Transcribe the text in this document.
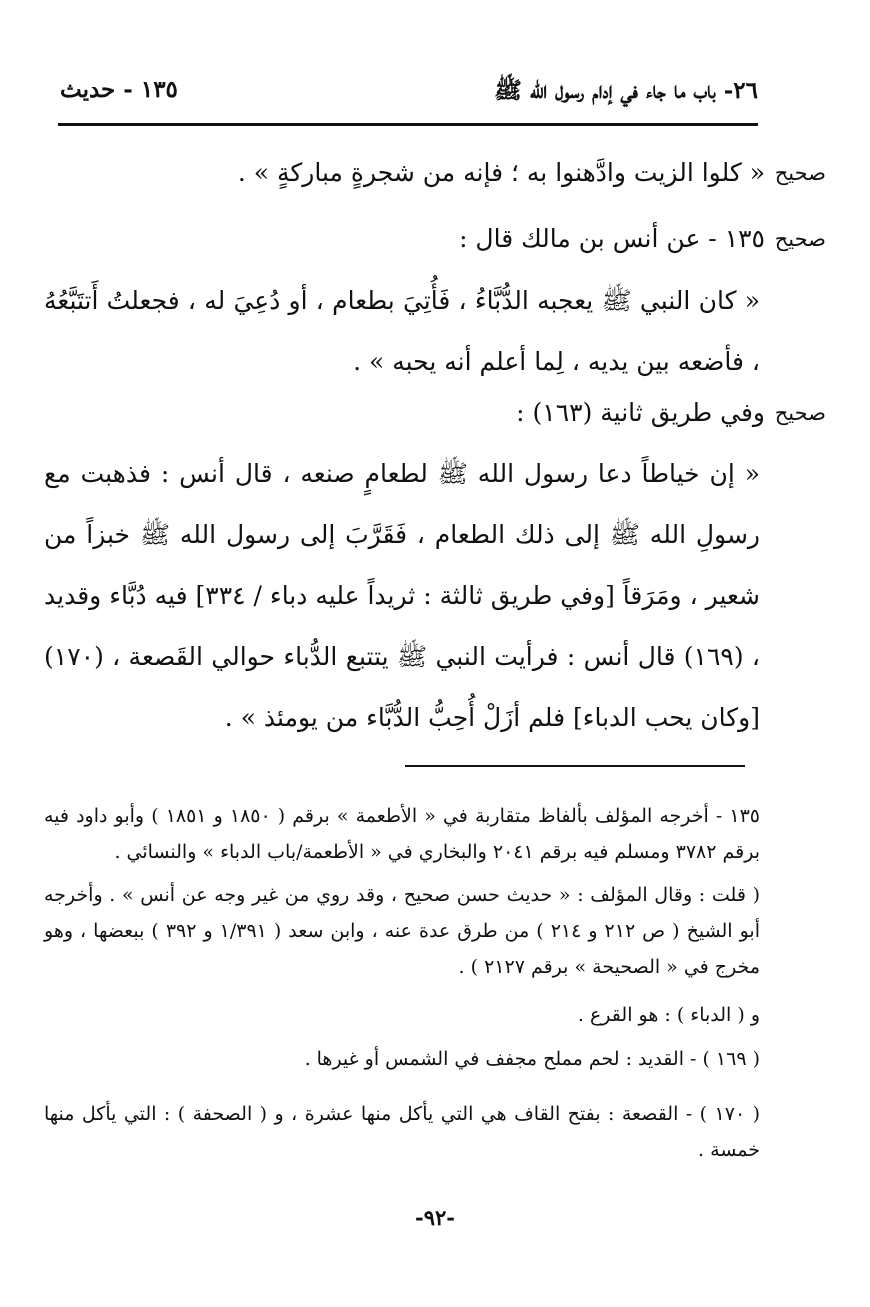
٢٦- باب ما جاء في إدام رسول الله ﷺ
١٣٥ - حديث
صحيح
« كلوا الزيت وادَّهنوا به ؛ فإنه من شجرةٍ مباركةٍ » .
صحيح
١٣٥ - عن أنس بن مالك قال :
« كان النبي ﷺ يعجبه الدُّبَّاءُ ، فَأُتِيَ بطعام ، أو دُعِيَ له ، فجعلتُ أَتتَبَّعُهُ ، فأضعه بين يديه ، لِما أعلم أنه يحبه » .
صحيح
وفي طريق ثانية (١٦٣) :
« إن خياطاً دعا رسول الله ﷺ لطعامٍ صنعه ، قال أنس : فذهبت مع رسولِ الله ﷺ إلى ذلك الطعام ، فَقَرَّبَ إلى رسول الله ﷺ خبزاً من شعير ، ومَرَقاً [وفي طريق ثالثة : ثريداً عليه دباء / ٣٣٤] فيه دُبَّاء وقديد ، (١٦٩) قال أنس : فرأيت النبي ﷺ يتتبع الدُّباء حوالي القَصعة ، (١٧٠) [وكان يحب الدباء] فلم أزَلْ أُحِبُّ الدُّبَّاء من يومئذ » .
١٣٥ - أخرجه المؤلف بألفاظ متقاربة في « الأطعمة » برقم ( ١٨٥٠ و ١٨٥١ ) وأبو داود فيه برقم ٣٧٨٢ ومسلم فيه برقم ٢٠٤١ والبخاري في « الأطعمة/باب الدباء » والنسائي .
( قلت : وقال المؤلف : « حديث حسن صحيح ، وقد روي من غير وجه عن أنس » . وأخرجه أبو الشيخ ( ص ٢١٢ و ٢١٤ ) من طرق عدة عنه ، وابن سعد ( ١/٣٩١ و ٣٩٢ ) ببعضها ، وهو مخرج في « الصحيحة » برقم ٢١٢٧ ) .
و ( الدباء ) : هو القرع .
( ١٦٩ ) - القديد : لحم مملح مجفف في الشمس أو غيرها .
( ١٧٠ ) - القصعة : بفتح القاف هي التي يأكل منها عشرة ، و ( الصحفة ) : التي يأكل منها خمسة .
-٩٢-
